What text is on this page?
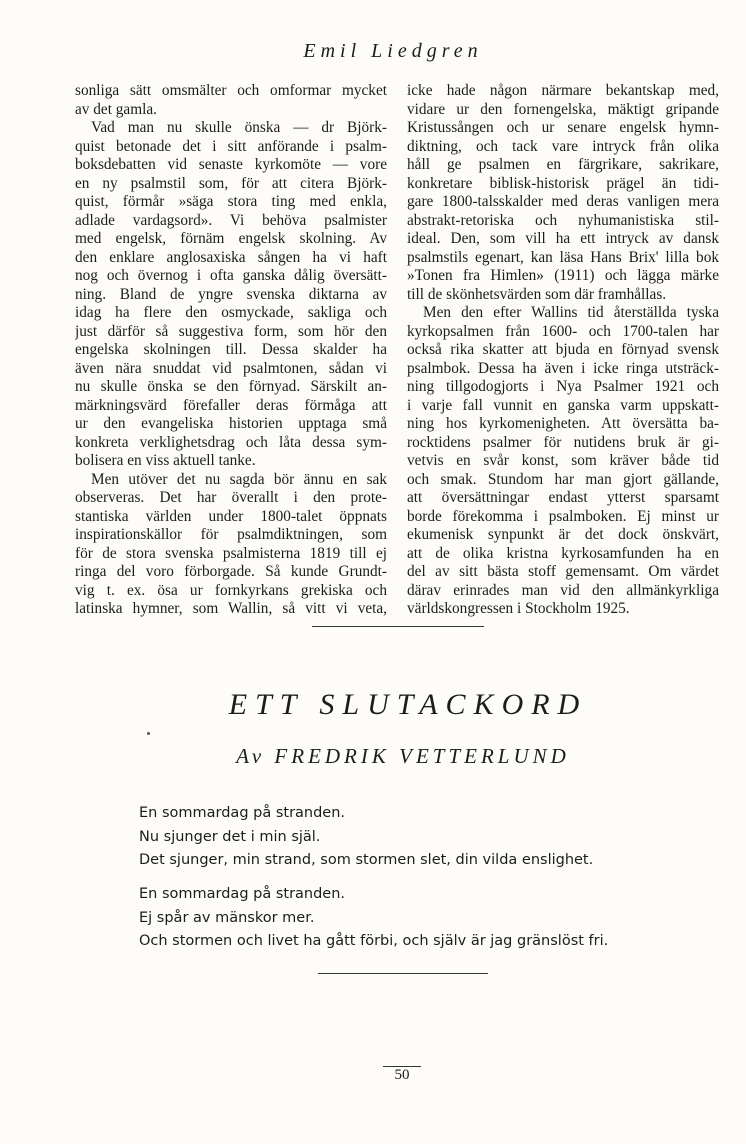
Emil Liedgren
sonliga sätt omsmälter och omformar mycket
av det gamla.
Vad man nu skulle önska — dr Björk-
quist betonade det i sitt anförande i psalm-
boksdebatten vid senaste kyrkomöte — vore
en ny psalmstil som, för att citera Björk-
quist, förmår »säga stora ting med enkla,
adlade vardagsord». Vi behöva psalmister
med engelsk, förnäm engelsk skolning. Av
den enklare anglosaxiska sången ha vi haft
nog och övernog i ofta ganska dålig översätt-
ning. Bland de yngre svenska diktarna av
idag ha flere den osmyckade, sakliga och
just därför så suggestiva form, som hör den
engelska skolningen till. Dessa skalder ha
även nära snuddat vid psalmtonen, sådan vi
nu skulle önska se den förnyad. Särskilt an-
märkningsvärd förefaller deras förmåga att
ur den evangeliska historien upptaga små
konkreta verklighetsdrag och låta dessa sym-
bolisera en viss aktuell tanke.
Men utöver det nu sagda bör ännu en sak
observeras. Det har överallt i den prote-
stantiska världen under 1800-talet öppnats
inspirationskällor för psalmdiktningen, som
för de stora svenska psalmisterna 1819 till ej
ringa del voro förborgade. Så kunde Grundt-
vig t. ex. ösa ur fornkyrkans grekiska och
latinska hymner, som Wallin, så vitt vi veta,
icke hade någon närmare bekantskap med,
vidare ur den fornengelska, mäktigt gripande
Kristussången och ur senare engelsk hymn-
diktning, och tack vare intryck från olika
håll ge psalmen en färgrikare, sakrikare,
konkretare biblisk-historisk prägel än tidi-
gare 1800-talsskalder med deras vanligen mera
abstrakt-retoriska och nyhumanistiska stil-
ideal. Den, som vill ha ett intryck av dansk
psalmstils egenart, kan läsa Hans Brix' lilla bok
»Tonen fra Himlen» (1911) och lägga märke
till de skönhetsvärden som där framhållas.
Men den efter Wallins tid återställda tyska
kyrkopsalmen från 1600- och 1700-talen har
också rika skatter att bjuda en förnyad svensk
psalmbok. Dessa ha även i icke ringa utsträck-
ning tillgodogjorts i Nya Psalmer 1921 och
i varje fall vunnit en ganska varm uppskatt-
ning hos kyrkomenigheten. Att översätta ba-
rocktidens psalmer för nutidens bruk är gi-
vetvis en svår konst, som kräver både tid
och smak. Stundom har man gjort gällande,
att översättningar endast ytterst sparsamt
borde förekomma i psalmboken. Ej minst ur
ekumenisk synpunkt är det dock önskvärt,
att de olika kristna kyrkosamfunden ha en
del av sitt bästa stoff gemensamt. Om värdet
därav erinrades man vid den allmänkyrkliga
världskongressen i Stockholm 1925.
ETT SLUTACKORD
Av FREDRIK VETTERLUND
En sommardag på stranden.
Nu sjunger det i min själ.
Det sjunger, min strand, som stormen slet, din vilda enslighet.
En sommardag på stranden.
Ej spår av mänskor mer.
Och stormen och livet ha gått förbi, och själv är jag gränslöst fri.
50
